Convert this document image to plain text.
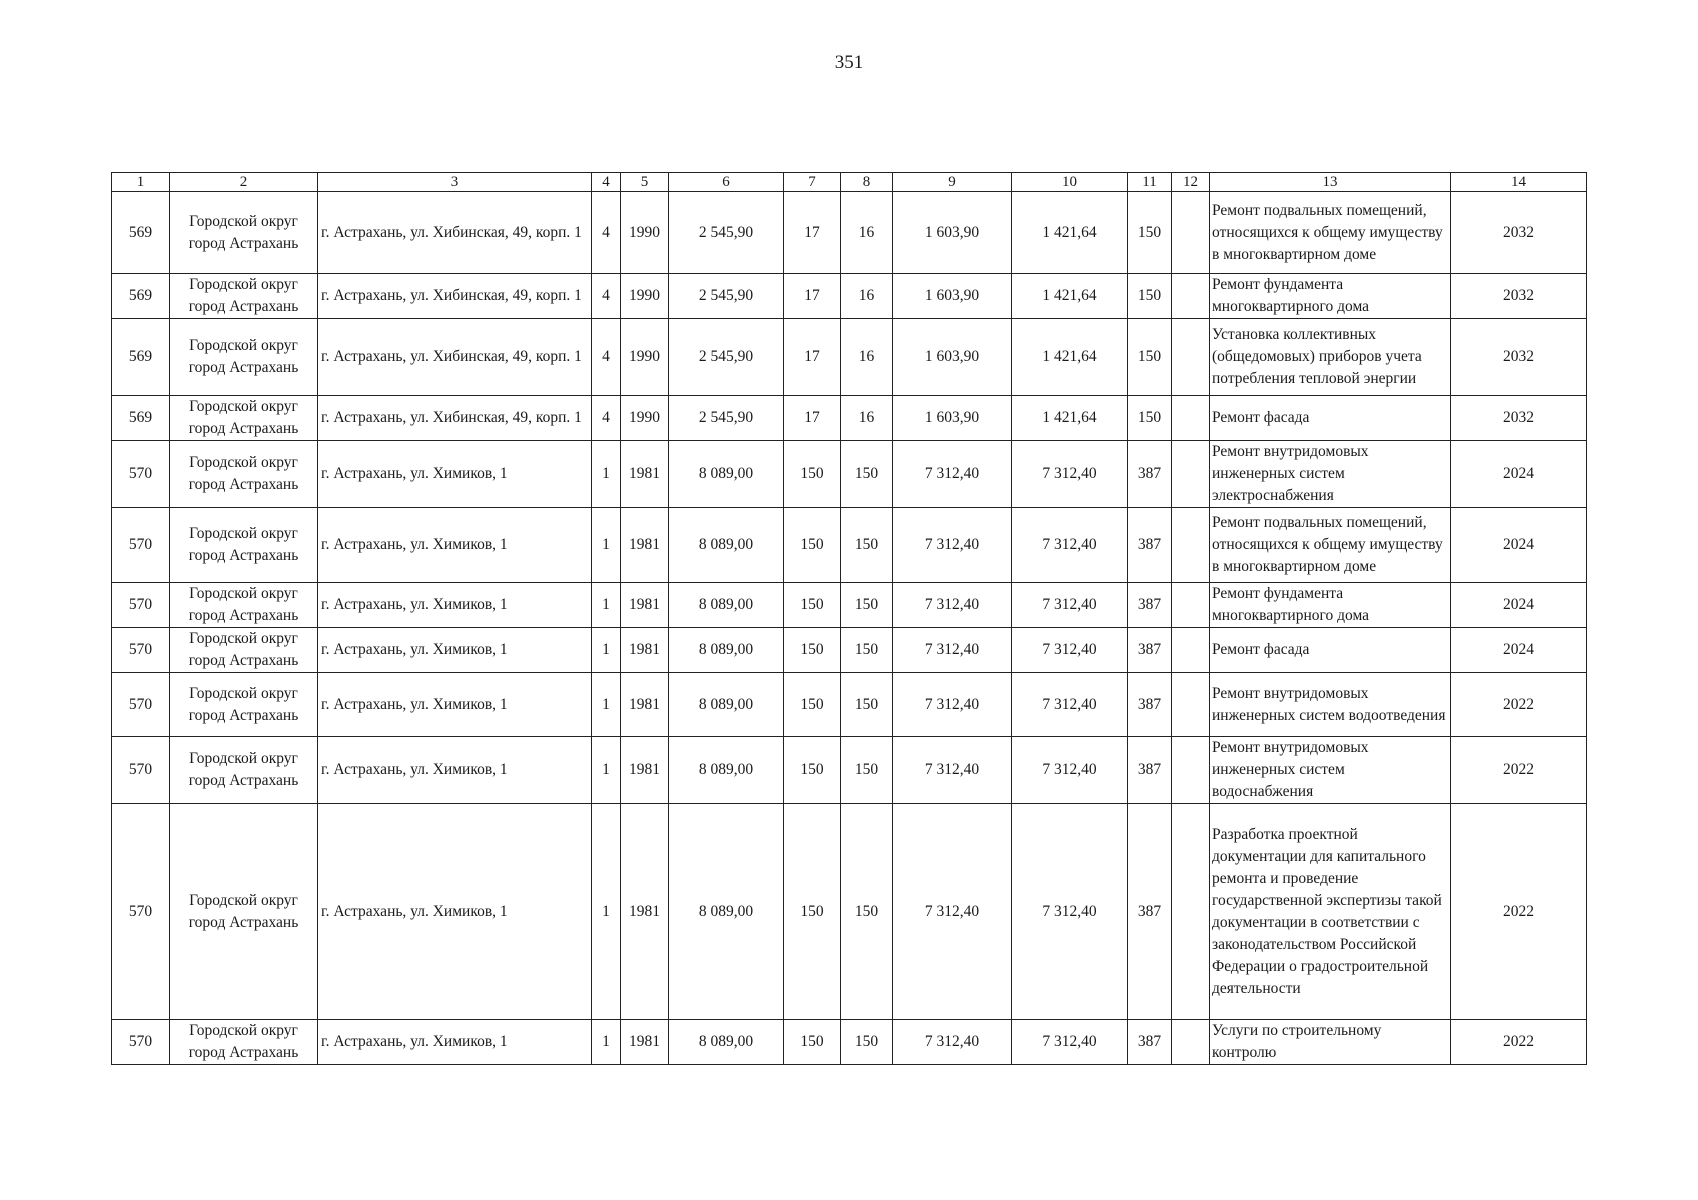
351
1	2	3	4	5	6	7	8	9	10	11	12	13	14
569	Городской округ город Астрахань	г. Астрахань, ул. Хибинская, 49, корп. 1	4	1990	2 545,90	17	16	1 603,90	1 421,64	150		Ремонт подвальных помещений, относящихся к общему имуществу в многоквартирном доме	2032
569	Городской округ город Астрахань	г. Астрахань, ул. Хибинская, 49, корп. 1	4	1990	2 545,90	17	16	1 603,90	1 421,64	150		Ремонт фундамента многоквартирного дома	2032
569	Городской округ город Астрахань	г. Астрахань, ул. Хибинская, 49, корп. 1	4	1990	2 545,90	17	16	1 603,90	1 421,64	150		Установка коллективных (общедомовых) приборов учета потребления тепловой энергии	2032
569	Городской округ город Астрахань	г. Астрахань, ул. Хибинская, 49, корп. 1	4	1990	2 545,90	17	16	1 603,90	1 421,64	150		Ремонт фасада	2032
570	Городской округ город Астрахань	г. Астрахань, ул. Химиков, 1	1	1981	8 089,00	150	150	7 312,40	7 312,40	387		Ремонт внутридомовых инженерных систем электроснабжения	2024
570	Городской округ город Астрахань	г. Астрахань, ул. Химиков, 1	1	1981	8 089,00	150	150	7 312,40	7 312,40	387		Ремонт подвальных помещений, относящихся к общему имуществу в многоквартирном доме	2024
570	Городской округ город Астрахань	г. Астрахань, ул. Химиков, 1	1	1981	8 089,00	150	150	7 312,40	7 312,40	387		Ремонт фундамента многоквартирного дома	2024
570	Городской округ город Астрахань	г. Астрахань, ул. Химиков, 1	1	1981	8 089,00	150	150	7 312,40	7 312,40	387		Ремонт фасада	2024
570	Городской округ город Астрахань	г. Астрахань, ул. Химиков, 1	1	1981	8 089,00	150	150	7 312,40	7 312,40	387		Ремонт внутридомовых инженерных систем водоотведения	2022
570	Городской округ город Астрахань	г. Астрахань, ул. Химиков, 1	1	1981	8 089,00	150	150	7 312,40	7 312,40	387		Ремонт внутридомовых инженерных систем водоснабжения	2022
570	Городской округ город Астрахань	г. Астрахань, ул. Химиков, 1	1	1981	8 089,00	150	150	7 312,40	7 312,40	387		Разработка проектной документации для капитального ремонта и проведение государственной экспертизы такой документации в соответствии с законодательством Российской Федерации о градостроительной деятельности	2022
570	Городской округ город Астрахань	г. Астрахань, ул. Химиков, 1	1	1981	8 089,00	150	150	7 312,40	7 312,40	387		Услуги по строительному контролю	2022
